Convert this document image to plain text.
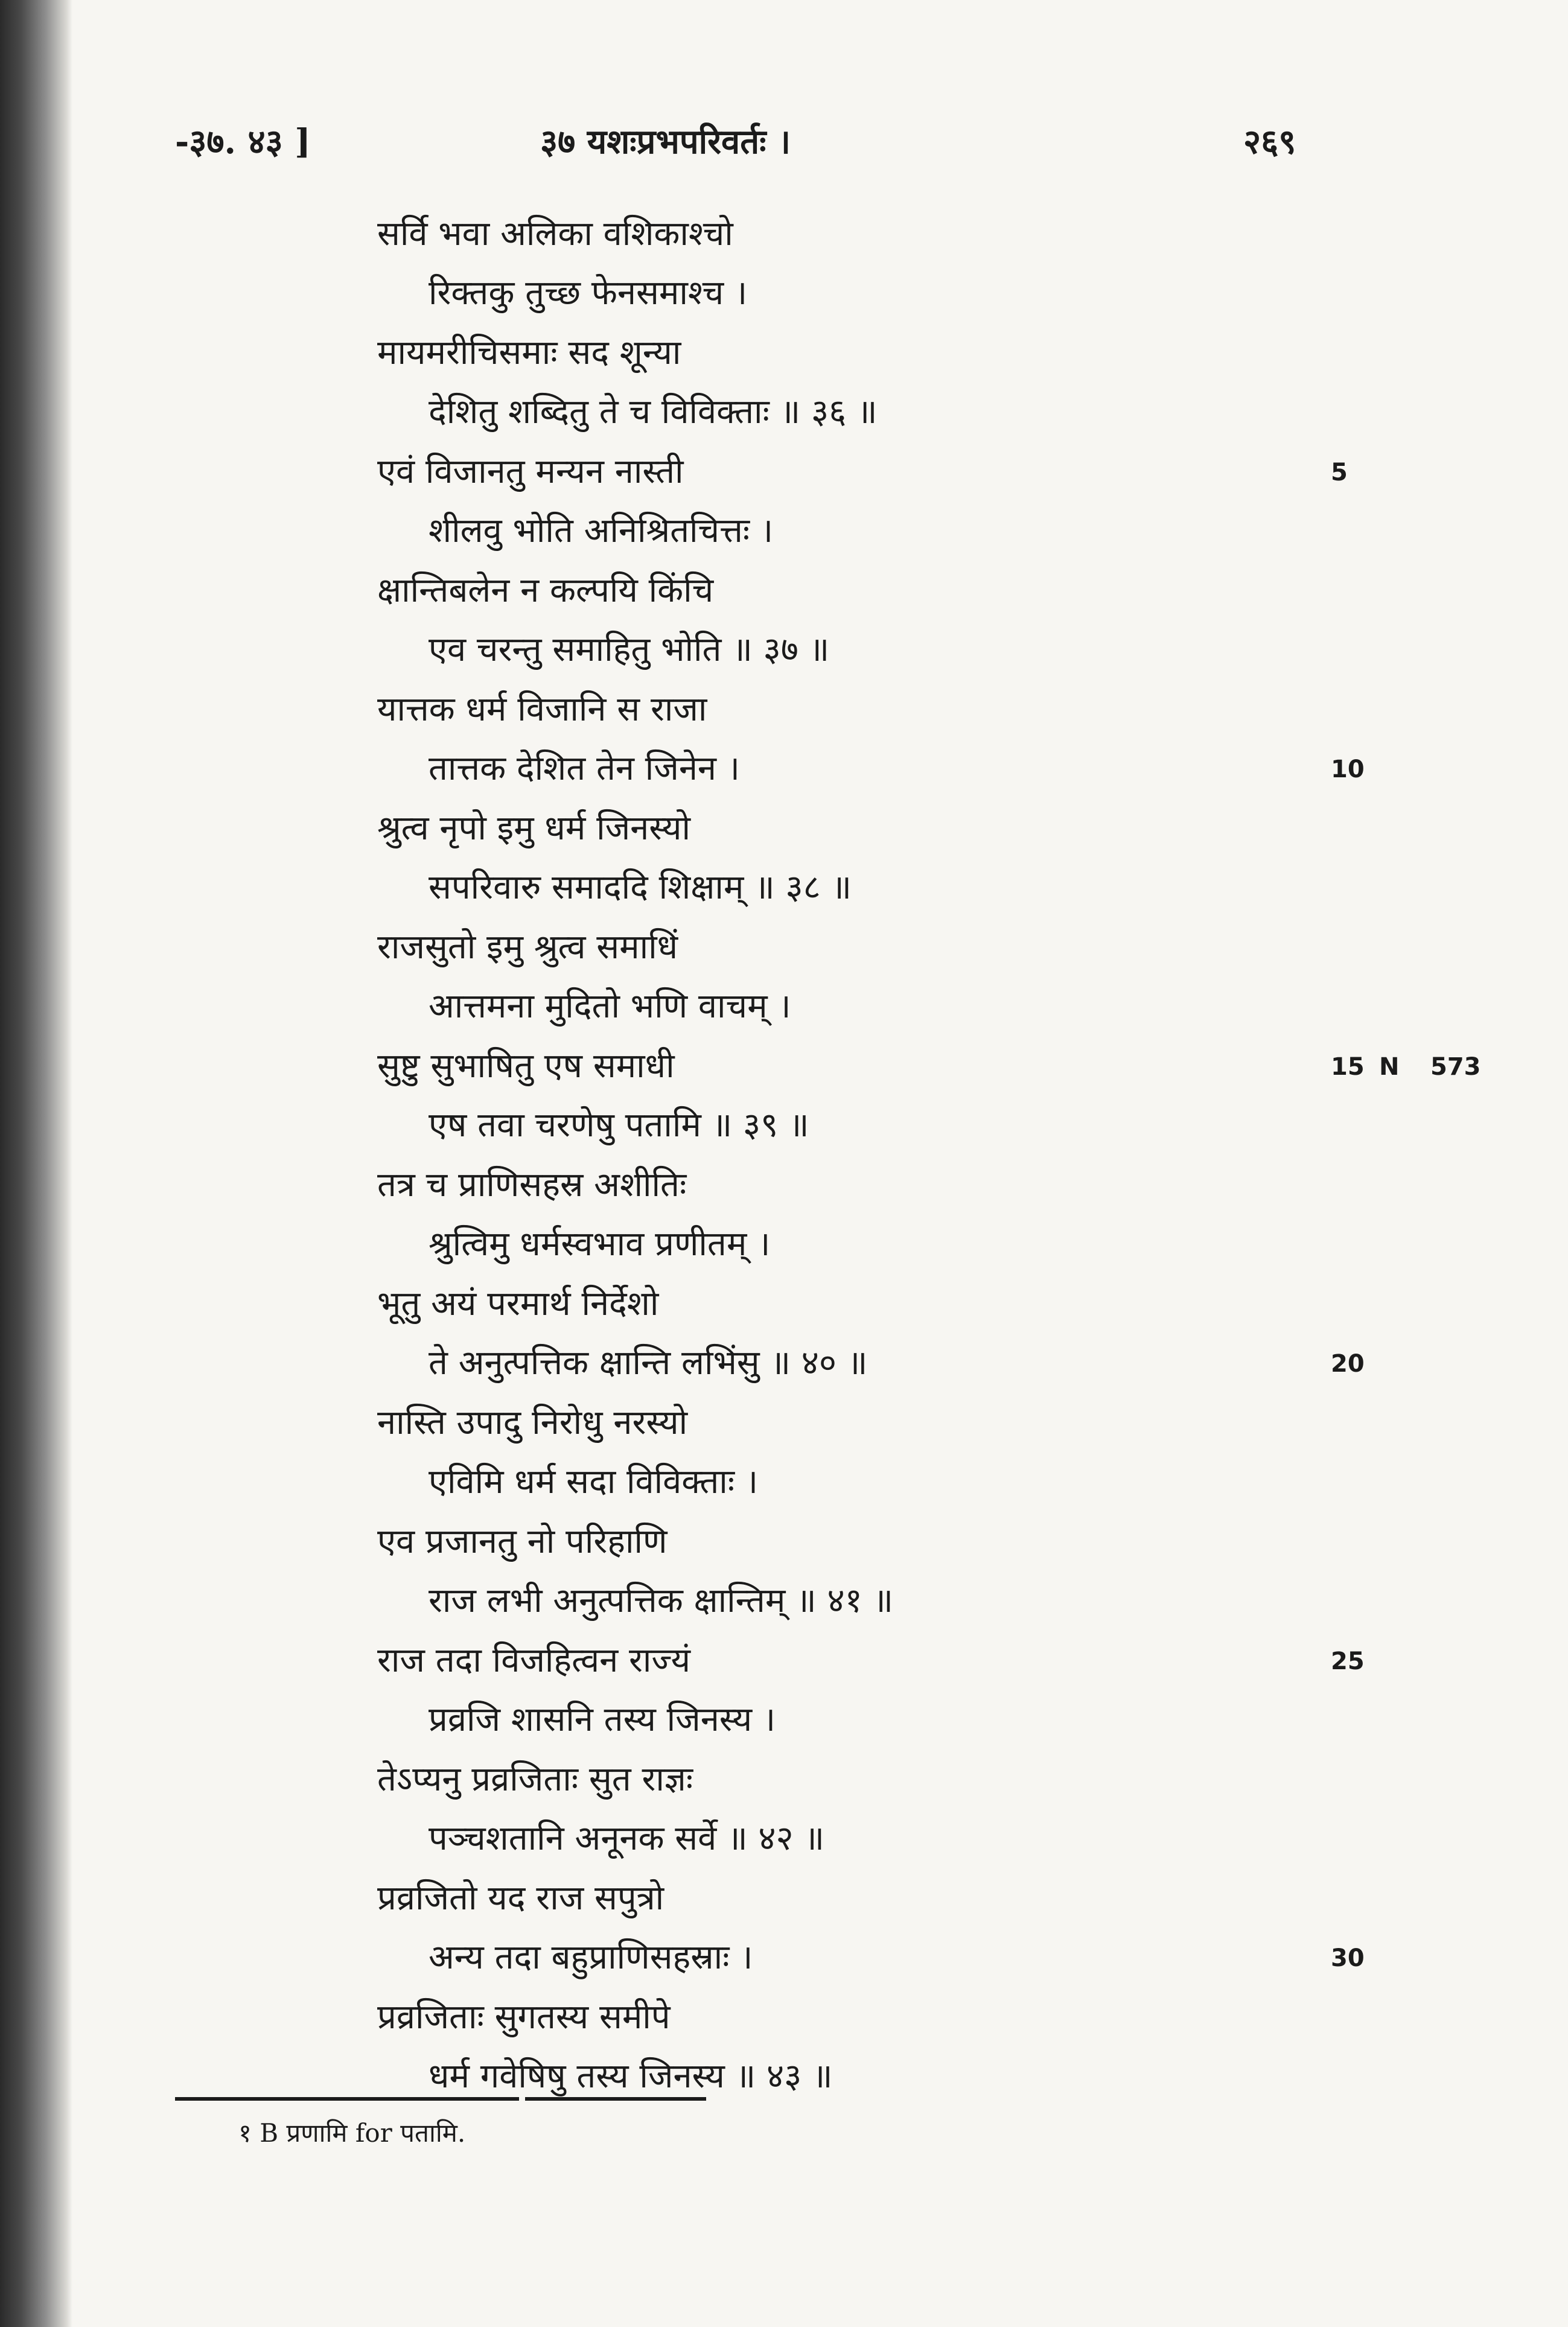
-३७. ४३ ]	३७ यशःप्रभपरिवर्तः ।	२६९
सर्वि भवा अलिका वशिकाश्चो
रिक्तकु तुच्छ फेनसमाश्च ।
मायमरीचिसमाः सद शून्या
देशितु शब्दितु ते च विविक्ताः ॥ ३६ ॥
एवं विजानतु मन्यन नास्ती
शीलवु भोति अनिश्रितचित्तः ।
क्षान्तिबलेन न कल्पयि किंचि
एव चरन्तु समाहितु भोति ॥ ३७ ॥
यात्तक धर्म विजानि स राजा
तात्तक देशित तेन जिनेन ।
श्रुत्व नृपो इमु धर्म जिनस्यो
सपरिवारु समाददि शिक्षाम् ॥ ३८ ॥
राजसुतो इमु श्रुत्व समाधिं
आत्तमना मुदितो भणि वाचम् ।
सुष्टु सुभाषितु एष समाधी
एष तवा चरणेषु पतामि ॥ ३९ ॥
तत्र च प्राणिसहस्र अशीतिः
श्रुत्विमु धर्मस्वभाव प्रणीतम् ।
भूतु अयं परमार्थ निर्देशो
ते अनुत्पत्तिक क्षान्ति लभिंसु ॥ ४० ॥
नास्ति उपादु निरोधु नरस्यो
एविमि धर्म सदा विविक्ताः ।
एव प्रजानतु नो परिहाणि
राज लभी अनुत्पत्तिक क्षान्तिम् ॥ ४१ ॥
राज तदा विजहित्वन राज्यं
प्रव्रजि शासनि तस्य जिनस्य ।
तेऽप्यनु प्रव्रजिताः सुत राज्ञः
पञ्चशतानि अनूनक सर्वे ॥ ४२ ॥
प्रव्रजितो यद राज सपुत्रो
अन्य तदा बहुप्राणिसहस्राः ।
प्रव्रजिताः सुगतस्य समीपे
धर्म गवेषिषु तस्य जिनस्य ॥ ४३ ॥
5
10
15 N 573
20
25
30
१ B प्रणामि for पतामि.
